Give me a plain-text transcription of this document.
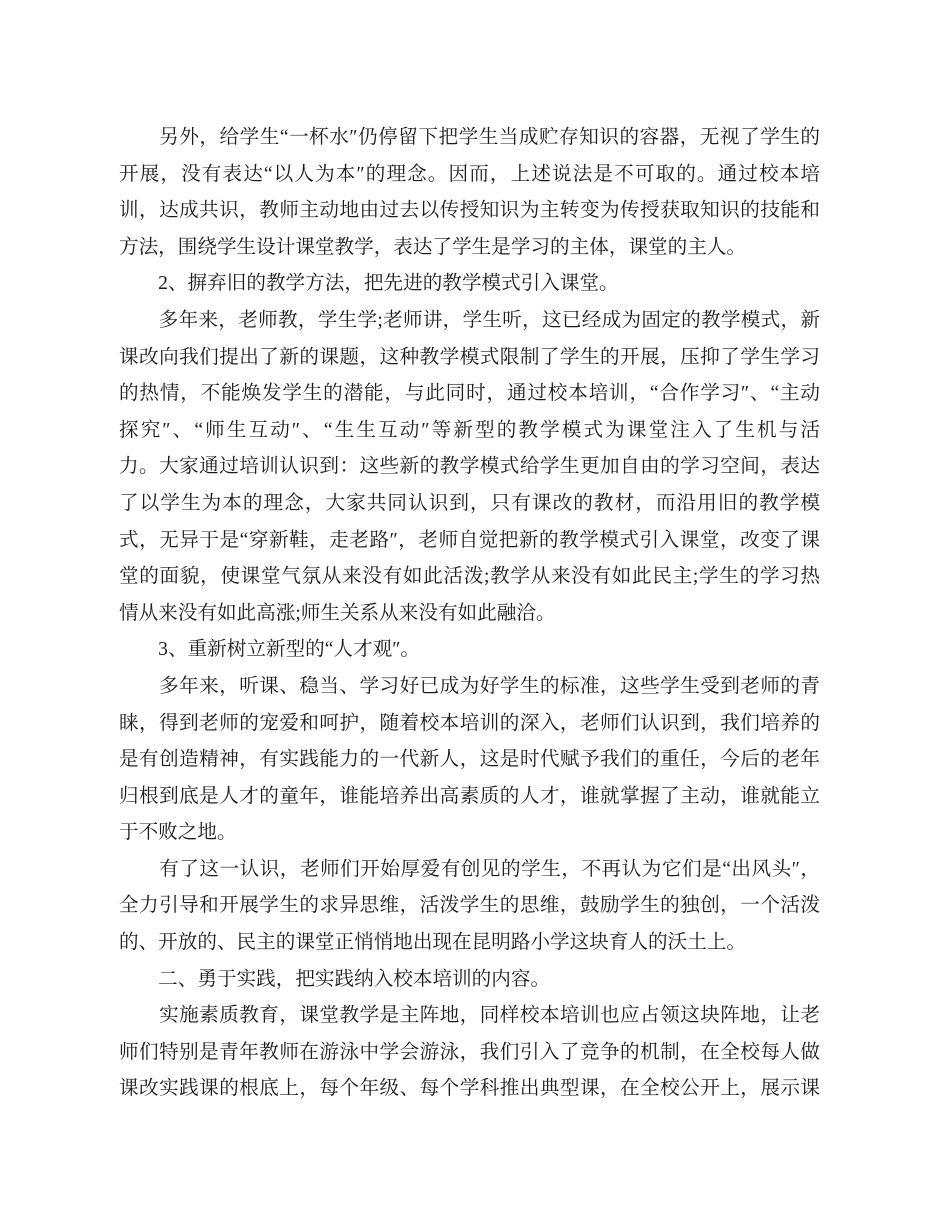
　　另外，给学生“一杯水″仍停留下把学生当成贮存知识的容器，无视了学生的
开展，没有表达“以人为本″的理念。因而，上述说法是不可取的。通过校本培
训，达成共识，教师主动地由过去以传授知识为主转变为传授获取知识的技能和
方法，围绕学生设计课堂教学，表达了学生是学习的主体，课堂的主人。
　　2、摒弃旧的教学方法，把先进的教学模式引入课堂。
　　多年来，老师教，学生学;老师讲，学生听，这已经成为固定的教学模式，新
课改向我们提出了新的课题，这种教学模式限制了学生的开展，压抑了学生学习
的热情，不能焕发学生的潜能，与此同时，通过校本培训，“合作学习″、“主动
探究″、“师生互动″、“生生互动″等新型的教学模式为课堂注入了生机与活
力。大家通过培训认识到：这些新的教学模式给学生更加自由的学习空间，表达
了以学生为本的理念，大家共同认识到，只有课改的教材，而沿用旧的教学模
式，无异于是“穿新鞋，走老路″，老师自觉把新的教学模式引入课堂，改变了课
堂的面貌，使课堂气氛从来没有如此活泼;教学从来没有如此民主;学生的学习热
情从来没有如此高涨;师生关系从来没有如此融洽。
　　3、重新树立新型的“人才观″。
　　多年来，听课、稳当、学习好已成为好学生的标准，这些学生受到老师的青
睐，得到老师的宠爱和呵护，随着校本培训的深入，老师们认识到，我们培养的
是有创造精神，有实践能力的一代新人，这是时代赋予我们的重任，今后的老年
归根到底是人才的童年，谁能培养出高素质的人才，谁就掌握了主动，谁就能立
于不败之地。
　　有了这一认识，老师们开始厚爱有创见的学生，不再认为它们是“出风头″，
全力引导和开展学生的求异思维，活泼学生的思维，鼓励学生的独创，一个活泼
的、开放的、民主的课堂正悄悄地出现在昆明路小学这块育人的沃土上。
　　二、勇于实践，把实践纳入校本培训的内容。
　　实施素质教育，课堂教学是主阵地，同样校本培训也应占领这块阵地，让老
师们特别是青年教师在游泳中学会游泳，我们引入了竞争的机制，在全校每人做
课改实践课的根底上，每个年级、每个学科推出典型课，在全校公开上，展示课
